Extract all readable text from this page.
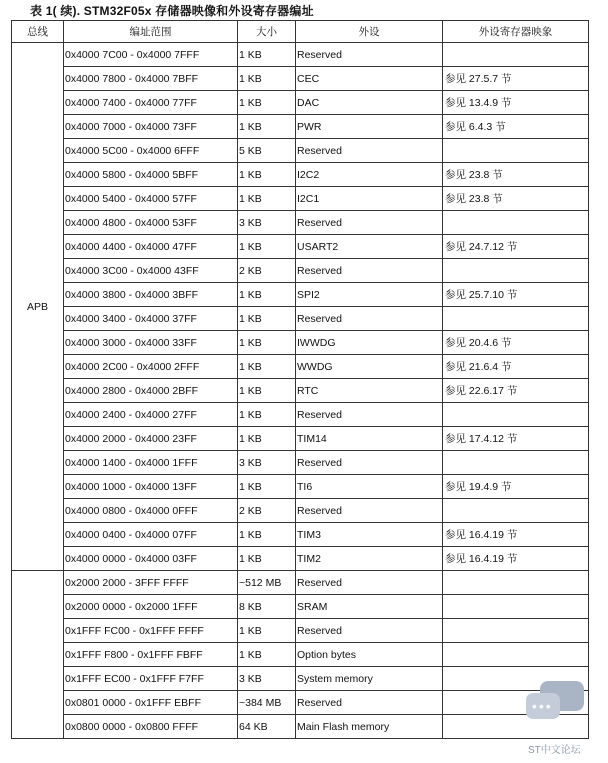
表 1( 续). STM32F05x 存储器映像和外设寄存器编址
总线	编址范围	大小	外设	外设寄存器映象
APB	0x4000 7C00 - 0x4000 7FFF	1 KB	Reserved	
	0x4000 7800 - 0x4000 7BFF	1 KB	CEC	参见 27.5.7 节
	0x4000 7400 - 0x4000 77FF	1 KB	DAC	参见 13.4.9 节
	0x4000 7000 - 0x4000 73FF	1 KB	PWR	参见 6.4.3 节
	0x4000 5C00 - 0x4000 6FFF	5 KB	Reserved	
	0x4000 5800 - 0x4000 5BFF	1 KB	I2C2	参见 23.8 节
	0x4000 5400 - 0x4000 57FF	1 KB	I2C1	参见 23.8 节
	0x4000 4800 - 0x4000 53FF	3 KB	Reserved	
	0x4000 4400 - 0x4000 47FF	1 KB	USART2	参见 24.7.12 节
	0x4000 3C00 - 0x4000 43FF	2 KB	Reserved	
	0x4000 3800 - 0x4000 3BFF	1 KB	SPI2	参见 25.7.10 节
	0x4000 3400 - 0x4000 37FF	1 KB	Reserved	
	0x4000 3000 - 0x4000 33FF	1 KB	IWWDG	参见 20.4.6 节
	0x4000 2C00 - 0x4000 2FFF	1 KB	WWDG	参见 21.6.4 节
	0x4000 2800 - 0x4000 2BFF	1 KB	RTC	参见 22.6.17 节
	0x4000 2400 - 0x4000 27FF	1 KB	Reserved	
	0x4000 2000 - 0x4000 23FF	1 KB	TIM14	参见 17.4.12 节
	0x4000 1400 - 0x4000 1FFF	3 KB	Reserved	
	0x4000 1000 - 0x4000 13FF	1 KB	TI6	参见 19.4.9 节
	0x4000 0800 - 0x4000 0FFF	2 KB	Reserved	
	0x4000 0400 - 0x4000 07FF	1 KB	TIM3	参见 16.4.19 节
	0x4000 0000 - 0x4000 03FF	1 KB	TIM2	参见 16.4.19 节
	0x2000 2000 - 3FFF FFFF	~512 MB	Reserved	
	0x2000 0000 - 0x2000 1FFF	8 KB	SRAM	
	0x1FFF FC00 - 0x1FFF FFFF	1 KB	Reserved	
	0x1FFF F800 - 0x1FFF FBFF	1 KB	Option bytes	
	0x1FFF EC00 - 0x1FFF F7FF	3 KB	System memory	
	0x0801 0000 - 0x1FFF EBFF	~384 MB	Reserved	
	0x0800 0000 - 0x0800 FFFF	64 KB	Main Flash memory	
•••
ST中文论坛
